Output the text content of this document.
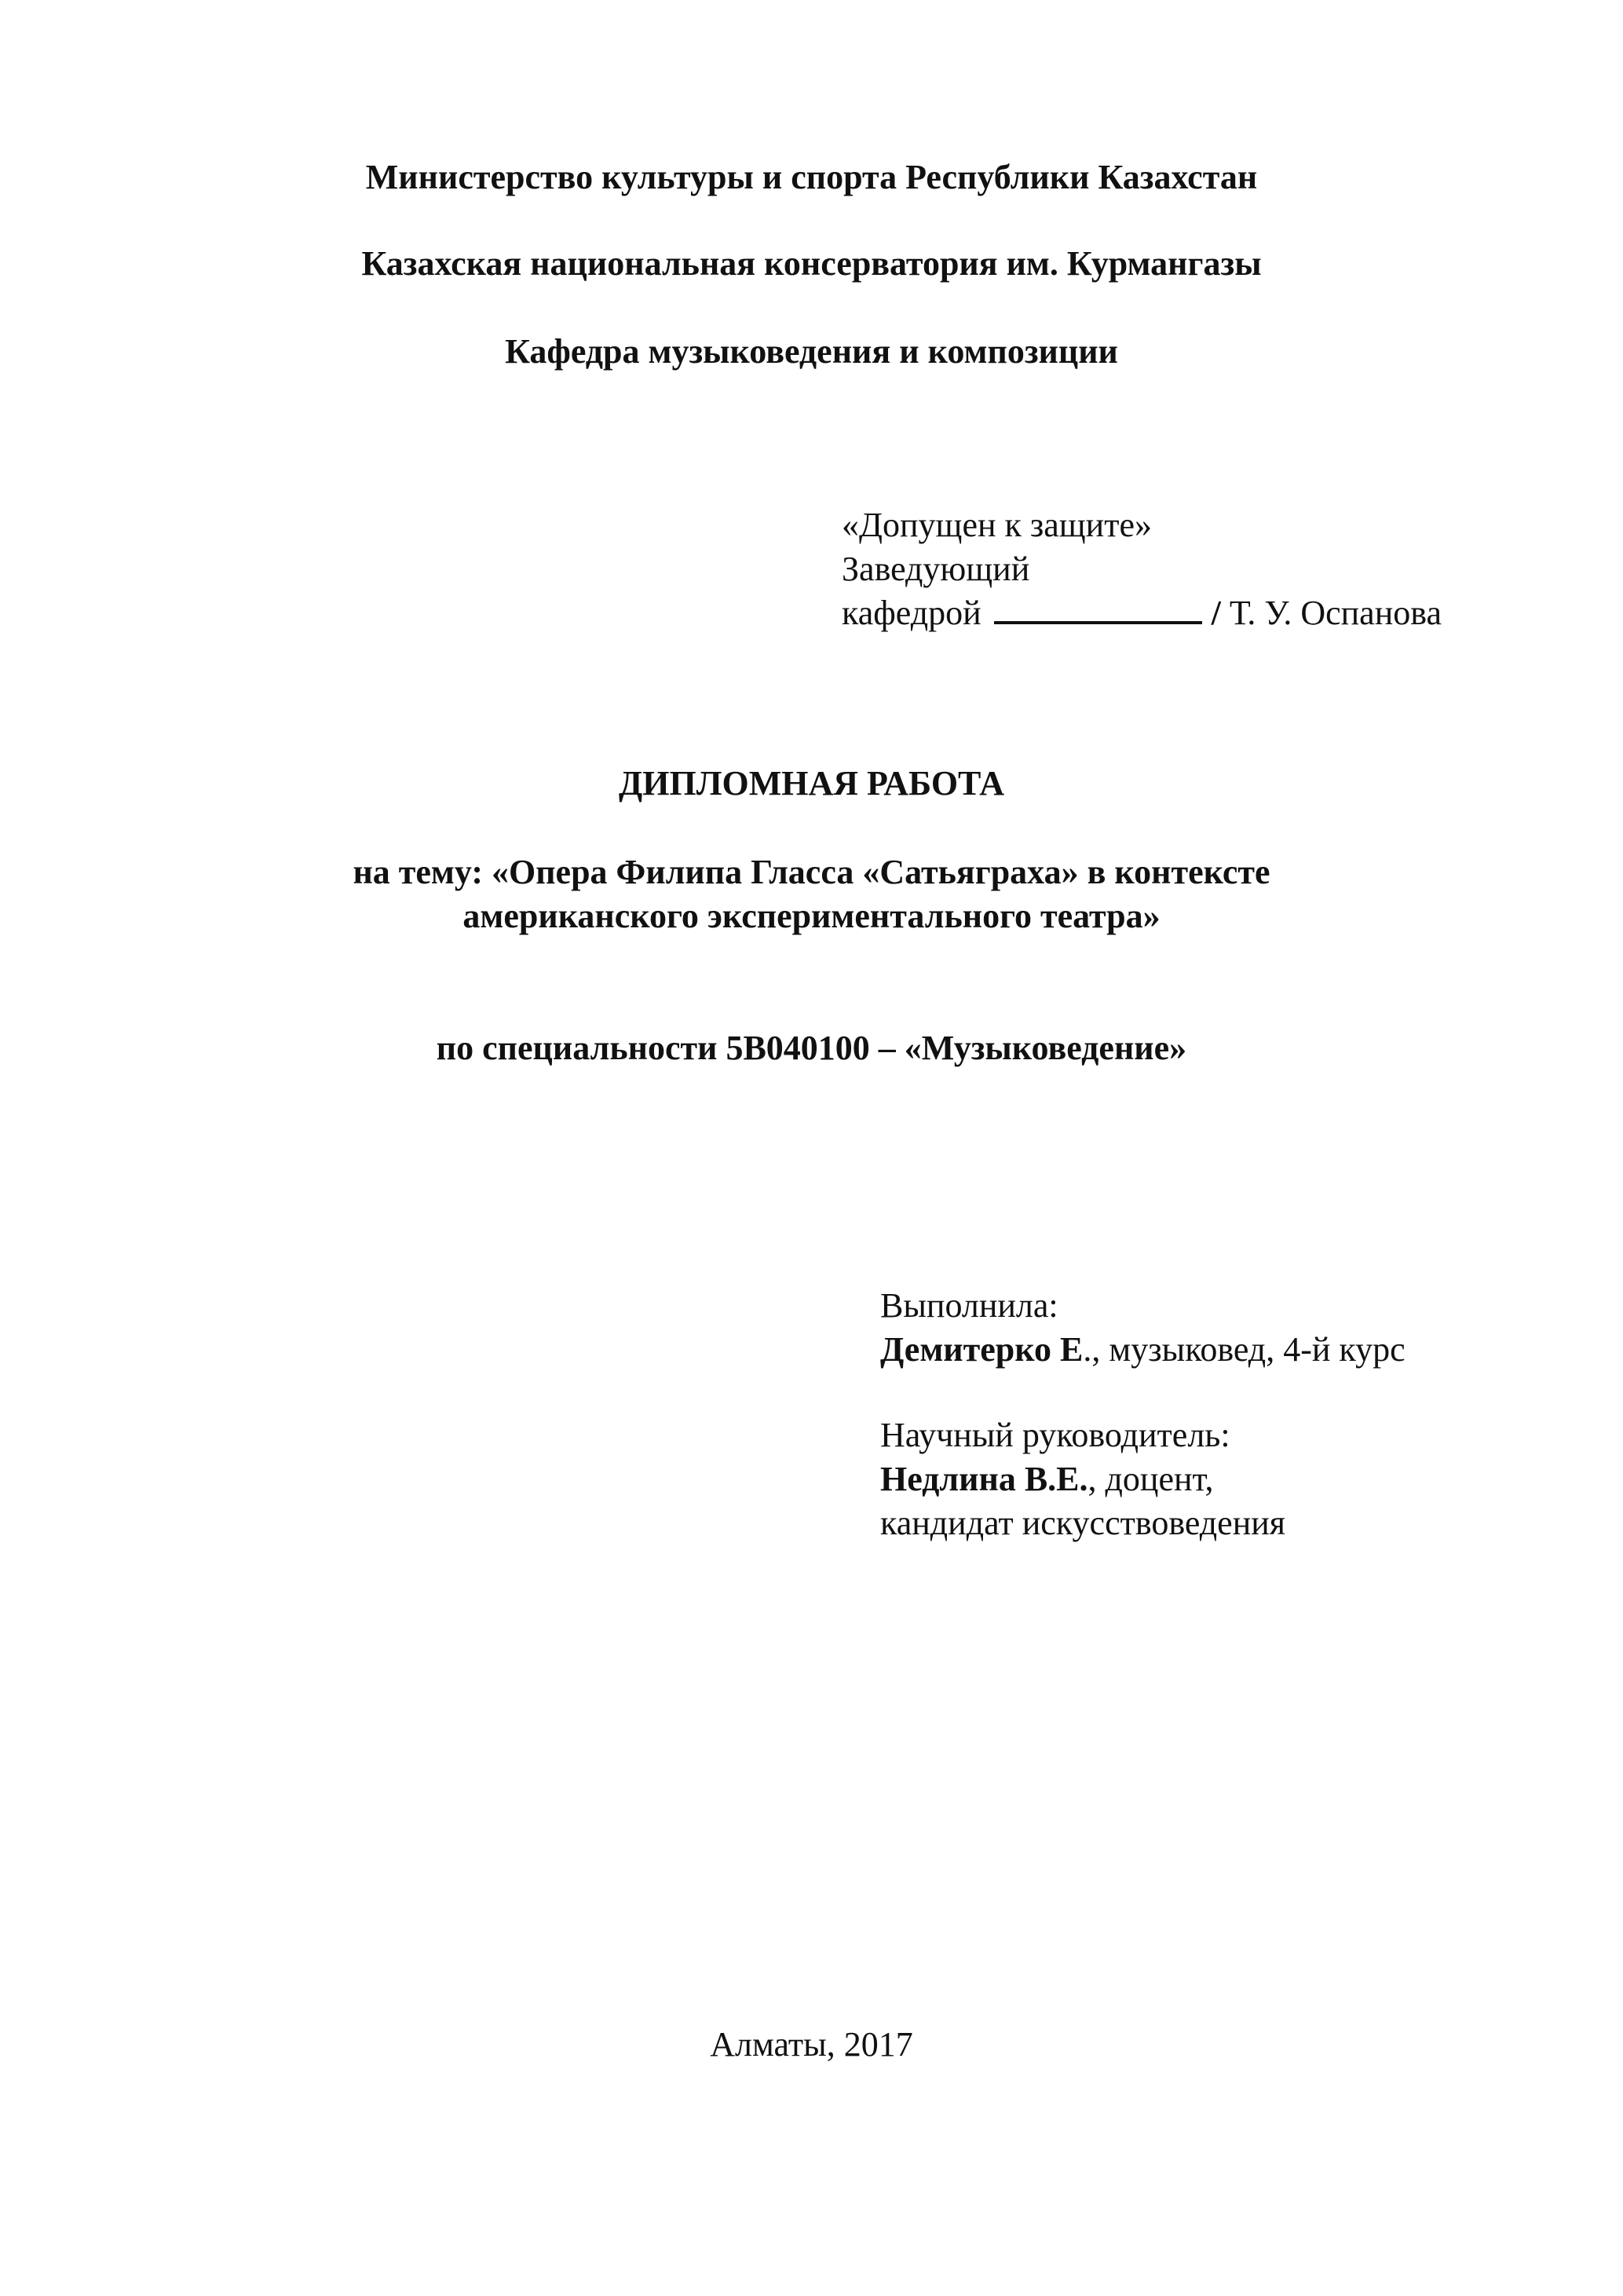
Министерство культуры и спорта Республики Казахстан
Казахская национальная консерватория им. Курмангазы
Кафедра музыковедения и композиции
«Допущен к защите»
Заведующий
кафедрой	/ Т. У. Оспанова
ДИПЛОМНАЯ РАБОТА
на тему: «Опера Филипа Гласса «Сатьяграха» в контексте
американского экспериментального театра»
по специальности 5В040100 – «Музыковедение»
Выполнила:
Демитерко Е., музыковед, 4-й курс
Научный руководитель:
Недлина В.Е., доцент,
кандидат искусствоведения
Алматы, 2017
